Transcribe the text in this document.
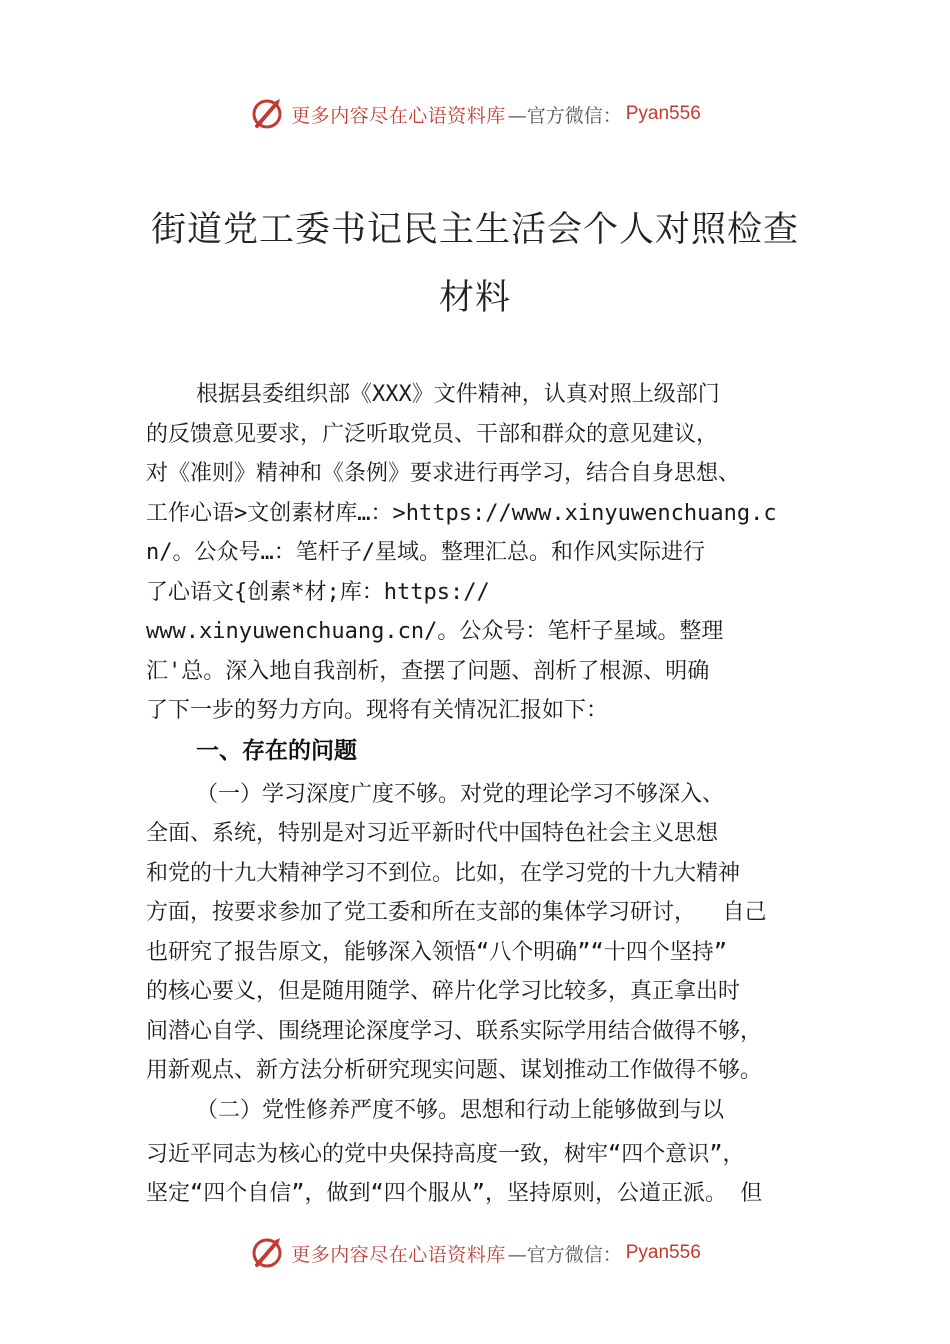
更多内容尽在心语资料库 —官方微信： Pyan556
街道党工委书记民主生活会个人对照检查
材料
根据县委组织部《XXX》文件精神，认真对照上级部门
的反馈意见要求，广泛听取党员、干部和群众的意见建议，
对《准则》精神和《条例》要求进行再学习，结合自身思想、
工作心语>文创素材库…：>https://www.xinyuwenchuang.c
n/。公众号…：笔杆子/星域。整理汇总。和作风实际进行
了心语文{创素*材;库：https://
www.xinyuwenchuang.cn/。公众号：笔杆子星域。整理
汇'总。深入地自我剖析，查摆了问题、剖析了根源、明确
了下一步的努力方向。现将有关情况汇报如下：
一、存在的问题
（一）学习深度广度不够。对党的理论学习不够深入、
全面、系统，特别是对习近平新时代中国特色社会主义思想
和党的十九大精神学习不到位。比如，在学习党的十九大精神
方面，按要求参加了党工委和所在支部的集体学习研讨，  自己
也研究了报告原文，能够深入领悟“八个明确”“十四个坚持”
的核心要义，但是随用随学、碎片化学习比较多，真正拿出时
间潜心自学、围绕理论深度学习、联系实际学用结合做得不够，
用新观点、新方法分析研究现实问题、谋划推动工作做得不够。
（二）党性修养严度不够。思想和行动上能够做到与以
习近平同志为核心的党中央保持高度一致，树牢“四个意识”，
坚定“四个自信”，做到“四个服从”，坚持原则，公道正派。 但
更多内容尽在心语资料库 —官方微信： Pyan556
